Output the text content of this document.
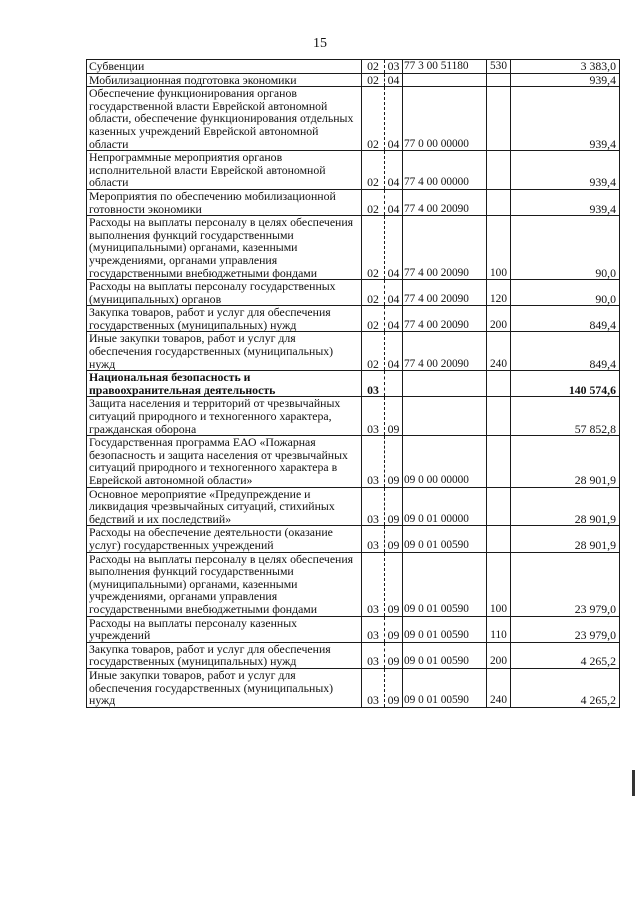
15
Субвенции	02	03	77 3 00 51180	530	3 383,0
Мобилизационная подготовка экономики	02	04			939,4
Обеспечение функционирования органов государственной власти Еврейской автономной области, обеспечение функционирования отдельных казенных учреждений Еврейской автономной области	02	04	77 0 00 00000		939,4
Непрограммные мероприятия органов исполнительной власти Еврейской автономной области	02	04	77 4 00 00000		939,4
Мероприятия по обеспечению мобилизационной готовности экономики	02	04	77 4 00 20090		939,4
Расходы на выплаты персоналу в целях обеспечения выполнения функций государственными (муниципальными) органами, казенными учреждениями, органами управления государственными внебюджетными фондами	02	04	77 4 00 20090	100	90,0
Расходы на выплаты персоналу государственных (муниципальных) органов	02	04	77 4 00 20090	120	90,0
Закупка товаров, работ и услуг для обеспечения государственных (муниципальных) нужд	02	04	77 4 00 20090	200	849,4
Иные закупки товаров, работ и услуг для обеспечения государственных (муниципальных) нужд	02	04	77 4 00 20090	240	849,4
Национальная безопасность и правоохранительная деятельность	03				140 574,6
Защита населения и территорий от чрезвычайных ситуаций природного и техногенного характера, гражданская оборона	03	09			57 852,8
Государственная программа ЕАО «Пожарная безопасность и защита населения от чрезвычайных ситуаций природного и техногенного характера в Еврейской автономной области»	03	09	09 0 00 00000		28 901,9
Основное мероприятие «Предупреждение и ликвидация чрезвычайных ситуаций, стихийных бедствий и их последствий»	03	09	09 0 01 00000		28 901,9
Расходы на обеспечение деятельности (оказание услуг) государственных учреждений	03	09	09 0 01 00590		28 901,9
Расходы на выплаты персоналу в целях обеспечения выполнения функций государственными (муниципальными) органами, казенными учреждениями, органами управления государственными внебюджетными фондами	03	09	09 0 01 00590	100	23 979,0
Расходы на выплаты персоналу казенных учреждений	03	09	09 0 01 00590	110	23 979,0
Закупка товаров, работ и услуг для обеспечения государственных (муниципальных) нужд	03	09	09 0 01 00590	200	4 265,2
Иные закупки товаров, работ и услуг для обеспечения государственных (муниципальных) нужд	03	09	09 0 01 00590	240	4 265,2
